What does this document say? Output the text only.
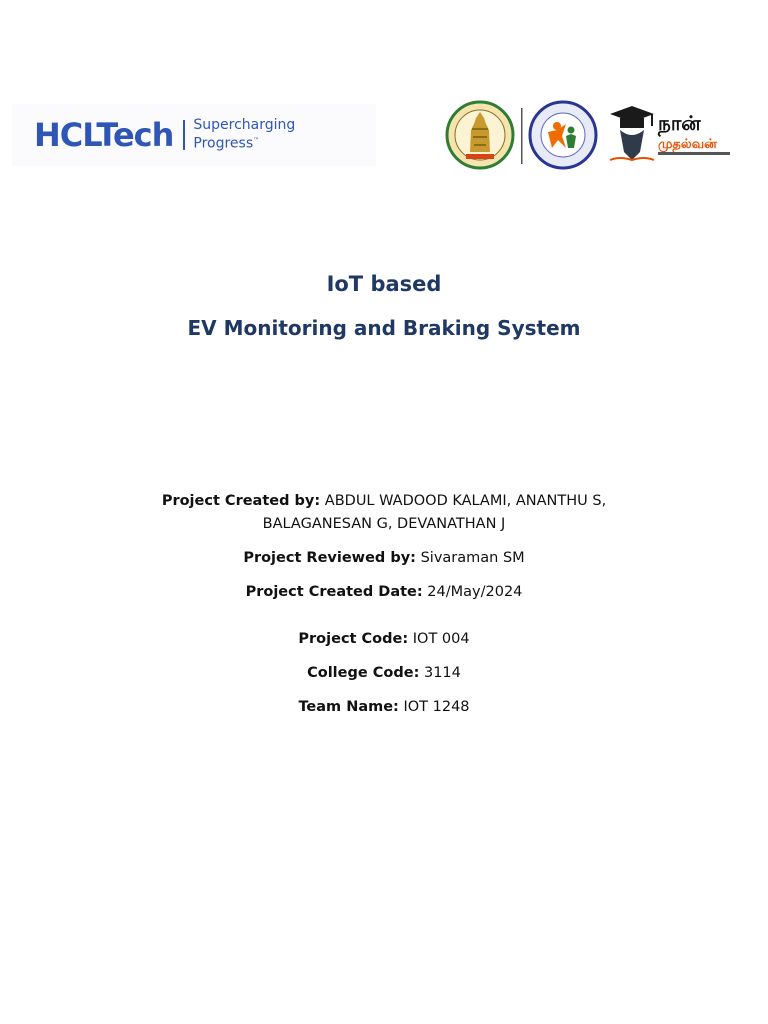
HCLTech Supercharging
Progress™
நான்
முதல்வன்
IoT based
EV Monitoring and Braking System
Project Created by: ABDUL WADOOD KALAMI, ANANTHU S,
BALAGANESAN G, DEVANATHAN J
Project Reviewed by: Sivaraman SM
Project Created Date: 24/May/2024
Project Code: IOT 004
College Code: 3114
Team Name: IOT 1248
